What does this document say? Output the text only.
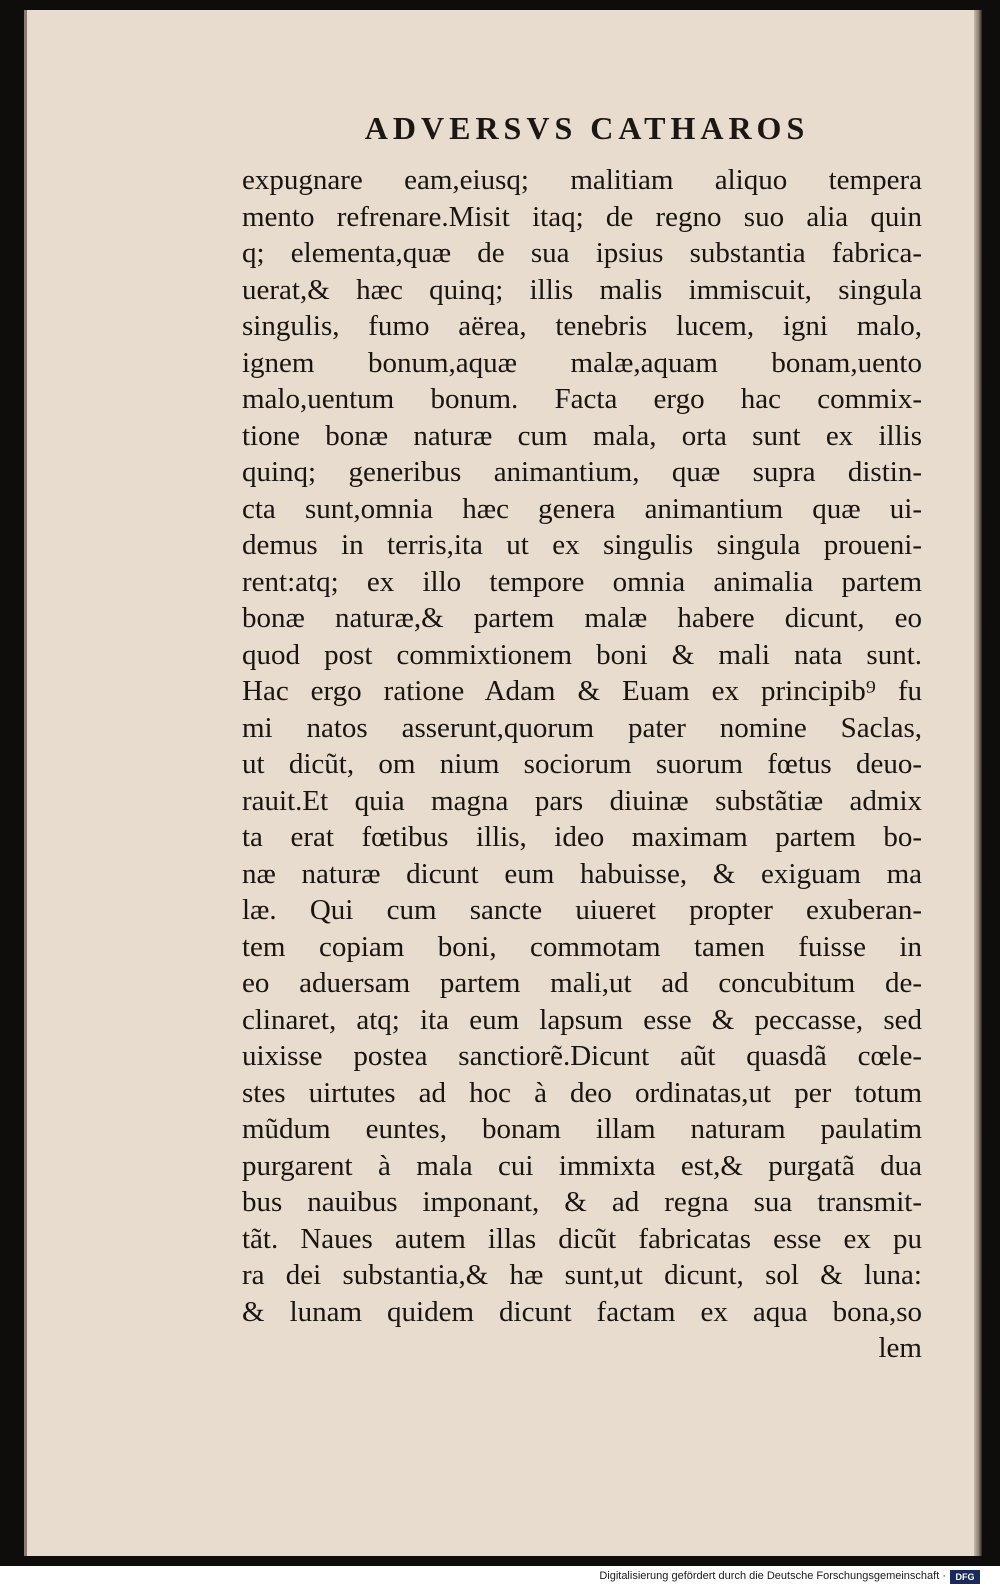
ADVERSVS CATHAROS
expugnare eam,eiusq; malitiam aliquo tempera
mento refrenare.Misit itaq; de regno suo alia quin
q; elementa,quæ de sua ipsius substantia fabrica-
uerat,& hæc quinq; illis malis immiscuit, singula
singulis, fumo aërea, tenebris lucem, igni malo,
ignem bonum,aquæ malæ,aquam bonam,uento
malo,uentum bonum. Facta ergo hac commix-
tione bonæ naturæ cum mala, orta sunt ex illis
quinq; generibus animantium, quæ supra distin-
cta sunt,omnia hæc genera animantium quæ ui-
demus in terris,ita ut ex singulis singula proueni-
rent:atq; ex illo tempore omnia animalia partem
bonæ naturæ,& partem malæ habere dicunt, eo
quod post commixtionem boni & mali nata sunt.
Hac ergo ratione Adam & Euam ex principib⁹ fu
mi natos asserunt,quorum pater nomine Saclas,
ut dicũt, om nium sociorum suorum fœtus deuo-
rauit.Et quia magna pars diuinæ substãtiæ admix
ta erat fœtibus illis, ideo maximam partem bo-
næ naturæ dicunt eum habuisse, & exiguam ma
læ. Qui cum sancte uiueret propter exuberan-
tem copiam boni, commotam tamen fuisse in
eo aduersam partem mali,ut ad concubitum de-
clinaret, atq; ita eum lapsum esse & peccasse, sed
uixisse postea sanctiorẽ.Dicunt aũt quasdã cœle-
stes uirtutes ad hoc à deo ordinatas,ut per totum
mũdum euntes, bonam illam naturam paulatim
purgarent à mala cui immixta est,& purgatã dua
bus nauibus imponant, & ad regna sua transmit-
tãt. Naues autem illas dicũt fabricatas esse ex pu
ra dei substantia,& hæ sunt,ut dicunt, sol & luna:
& lunam quidem dicunt factam ex aqua bona,so
lem
Digitalisierung gefördert durch die Deutsche Forschungsgemeinschaft ·	DFG
